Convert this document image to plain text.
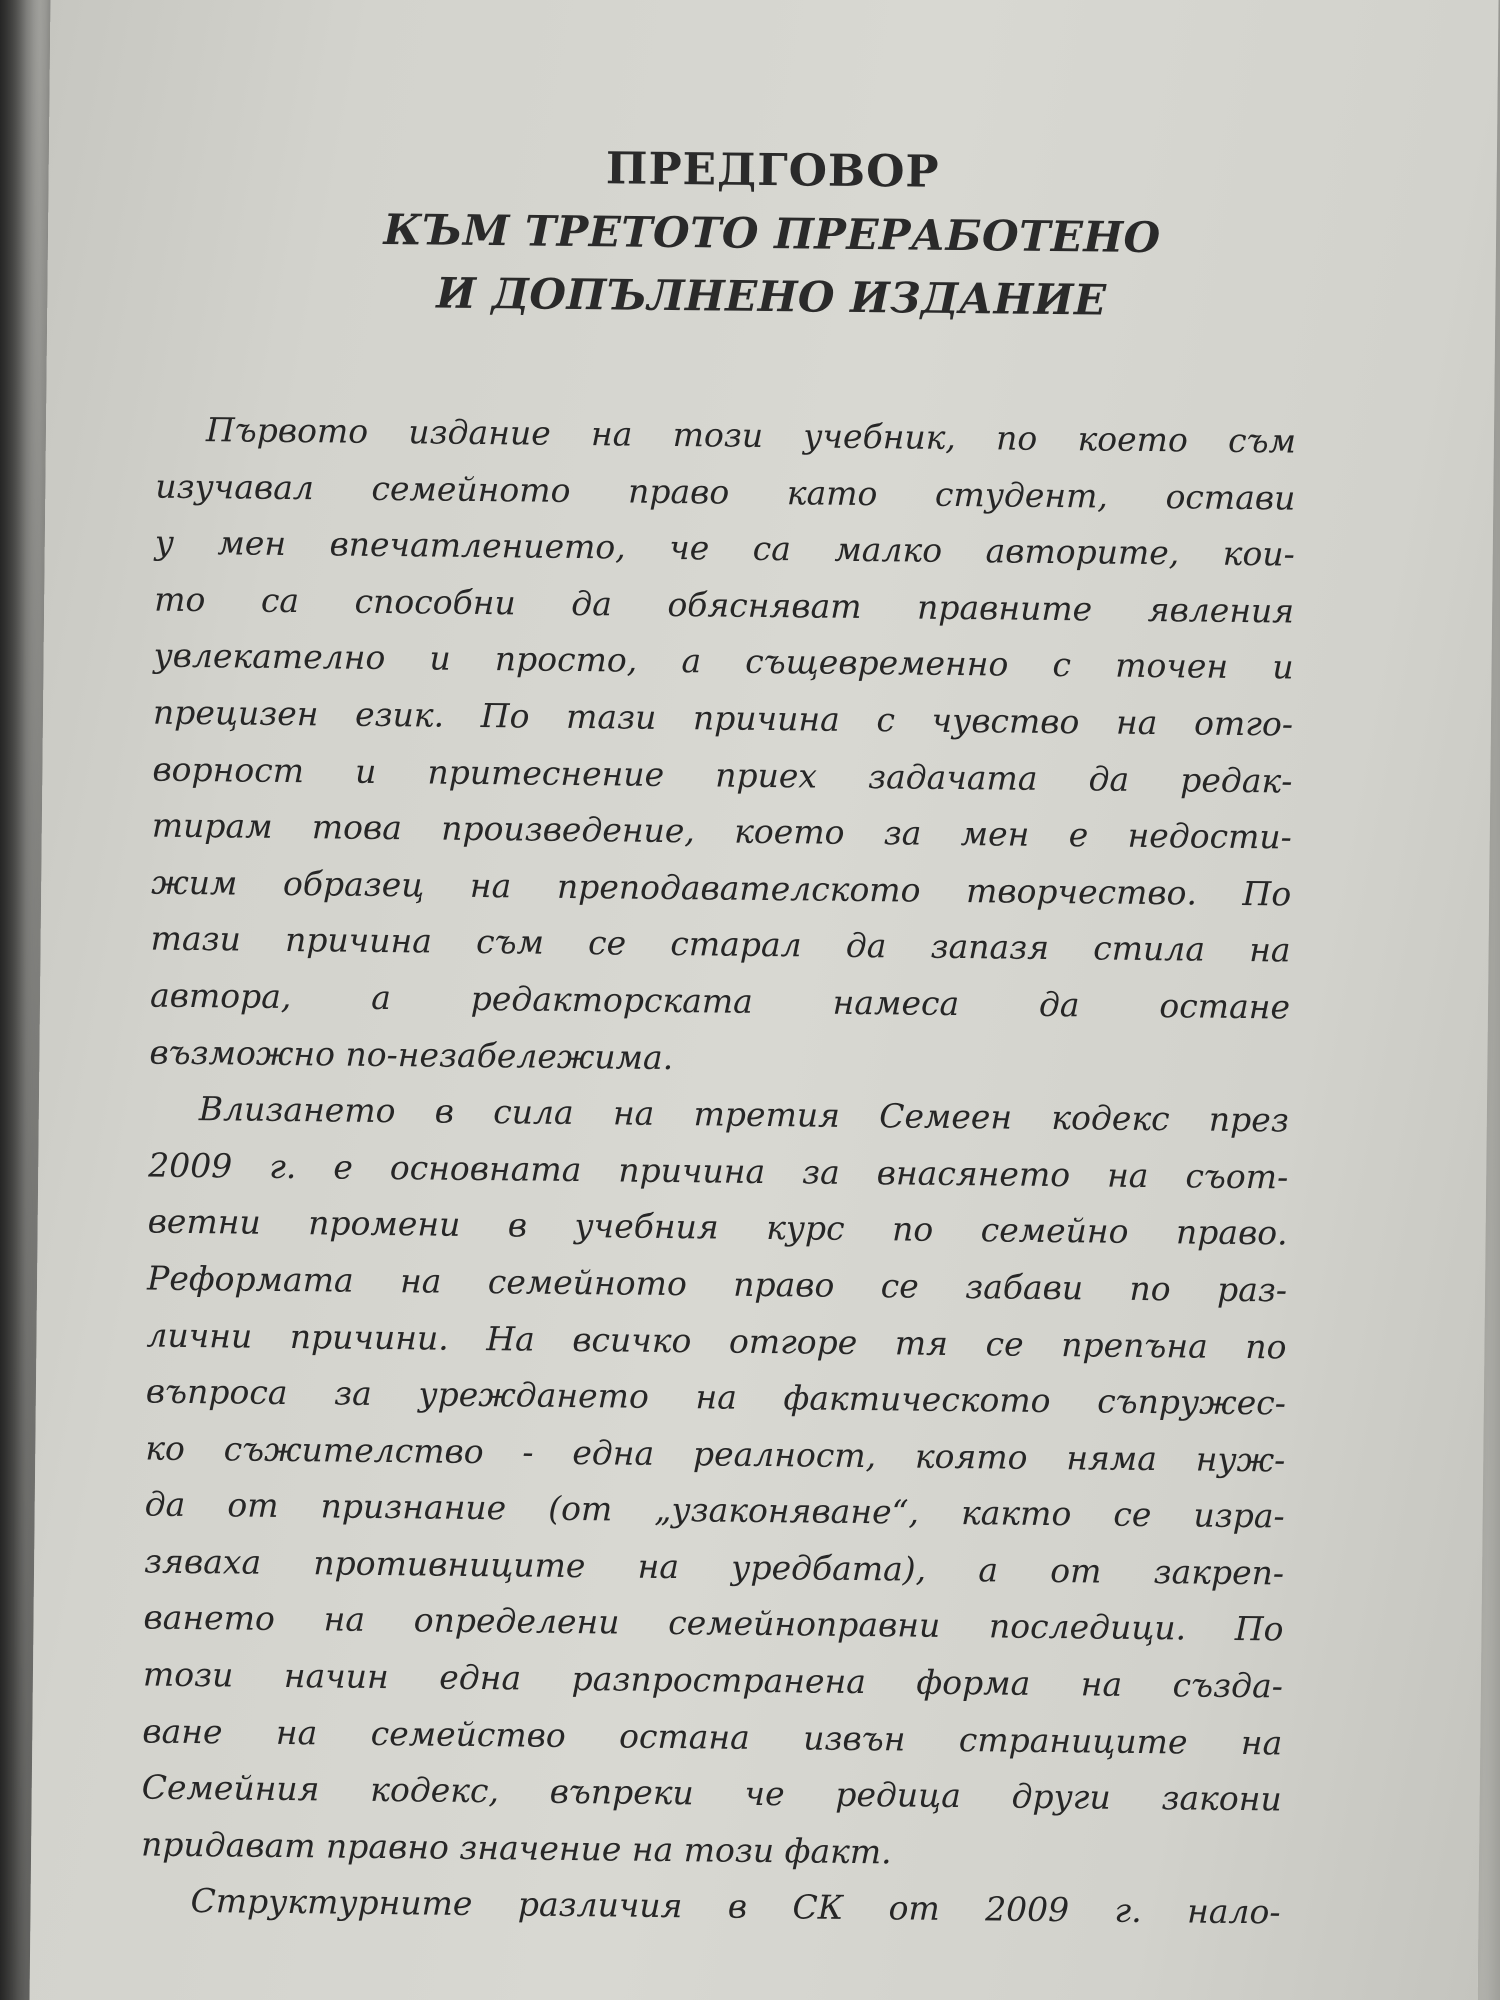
ПРЕДГОВОР
КЪМ ТРЕТОТО ПРЕРАБОТЕНО
И ДОПЪЛНЕНО ИЗДАНИЕ
Първото издание на този учебник, по което съм
изучавал семейното право като студент, остави
у мен впечатлението, че са малко авторите, кои-
то са способни да обясняват правните явления
увлекателно и просто, а същевременно с точен и
прецизен език. По тази причина с чувство на отго-
ворност и притеснение приех задачата да редак-
тирам това произведение, което за мен е недости-
жим образец на преподавателското творчество. По
тази причина съм се старал да запазя стила на
автора, а редакторската намеса да остане
възможно по-незабележима.
Влизането в сила на третия Семеен кодекс през
2009 г. е основната причина за внасянето на съот-
ветни промени в учебния курс по семейно право.
Реформата на семейното право се забави по раз-
лични причини. На всичко отгоре тя се препъна по
въпроса за уреждането на фактическото съпружес-
ко съжителство - една реалност, която няма нуж-
да от признание (от „узаконяване“, както се изра-
зяваха противниците на уредбата), а от закреп-
ването на определени семейноправни последици. По
този начин една разпространена форма на създа-
ване на семейство остана извън страниците на
Семейния кодекс, въпреки че редица други закони
придават правно значение на този факт.
Структурните различия в СК от 2009 г. нало-
